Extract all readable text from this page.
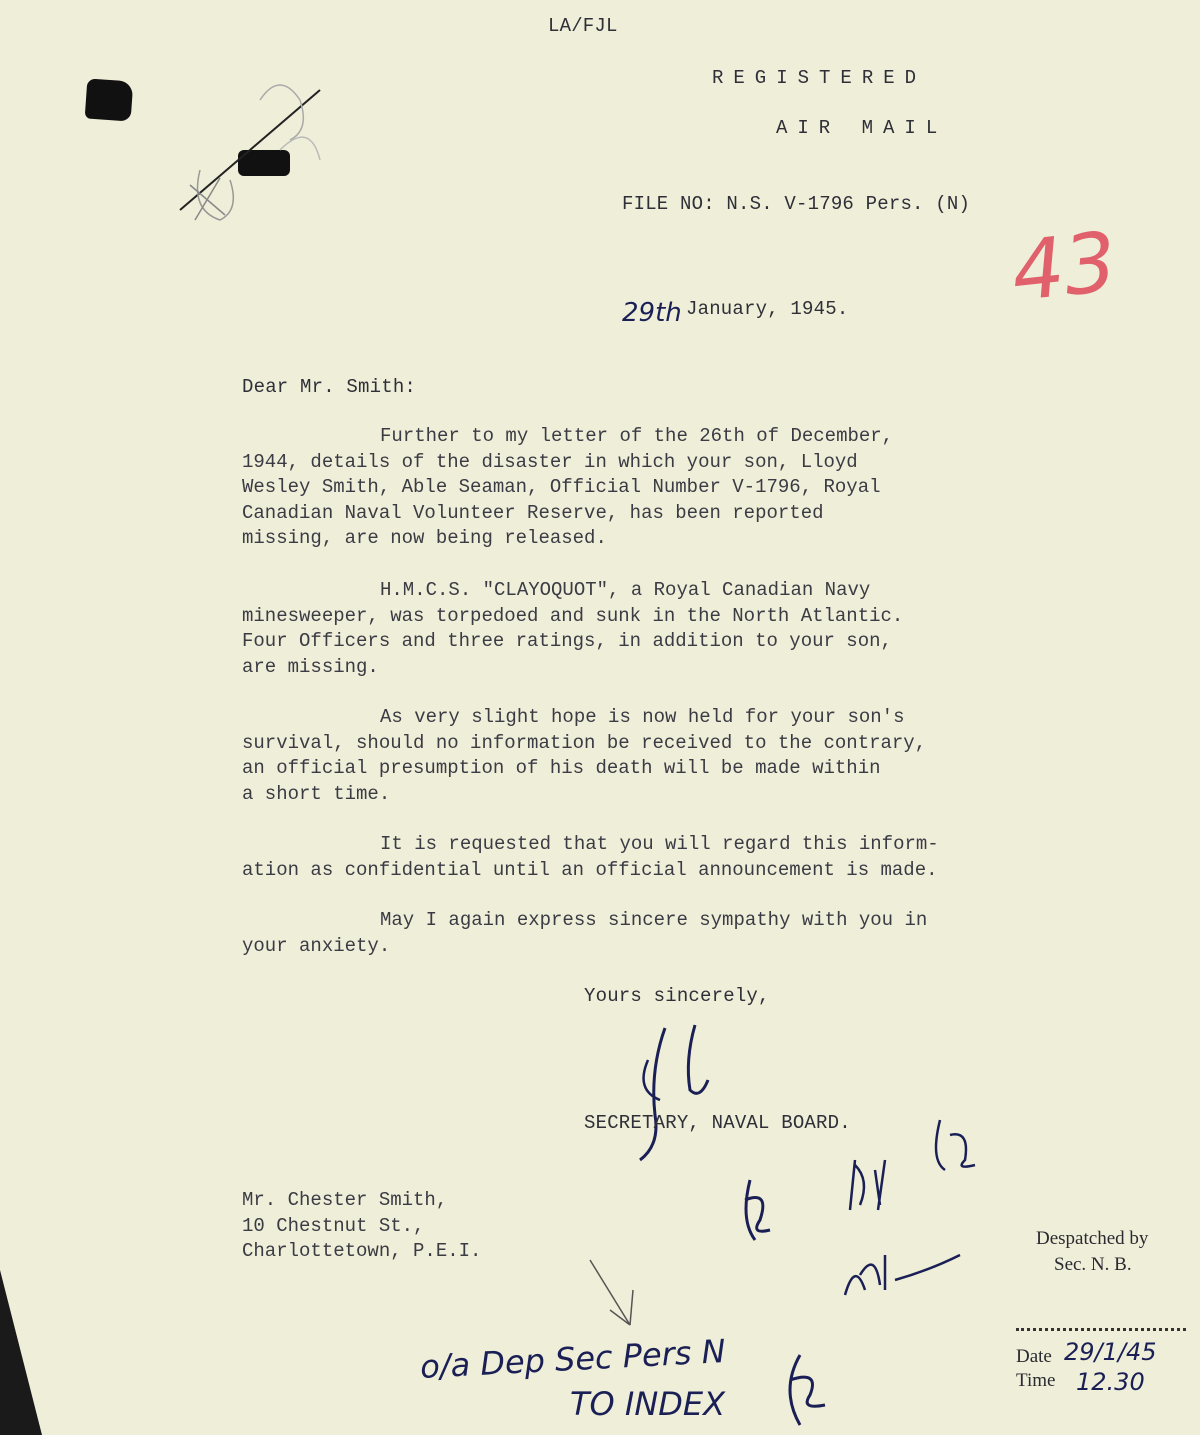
LA/FJL
REGISTERED
AIR MAIL
FILE NO: N.S. V-1796 Pers. (N)
43
29th January, 1945.
Dear Mr. Smith:
Further to my letter of the 26th of December,
1944, details of the disaster in which your son, Lloyd
Wesley Smith, Able Seaman, Official Number V-1796, Royal
Canadian Naval Volunteer Reserve, has been reported
missing, are now being released.
H.M.C.S. "CLAYOQUOT", a Royal Canadian Navy
minesweeper, was torpedoed and sunk in the North Atlantic.
Four Officers and three ratings, in addition to your son,
are missing.
As very slight hope is now held for your son's
survival, should no information be received to the contrary,
an official presumption of his death will be made within
a short time.
It is requested that you will regard this inform-
ation as confidential until an official announcement is made.
May I again express sincere sympathy with you in
your anxiety.
Yours sincerely,
SECRETARY, NAVAL BOARD.
Mr. Chester Smith,
10 Chestnut St.,
Charlottetown, P.E.I.
Despatched by
Sec. N. B.
Date 29/1/45
Time 12.30
o/a Dep Sec Pers N
TO INDEX
